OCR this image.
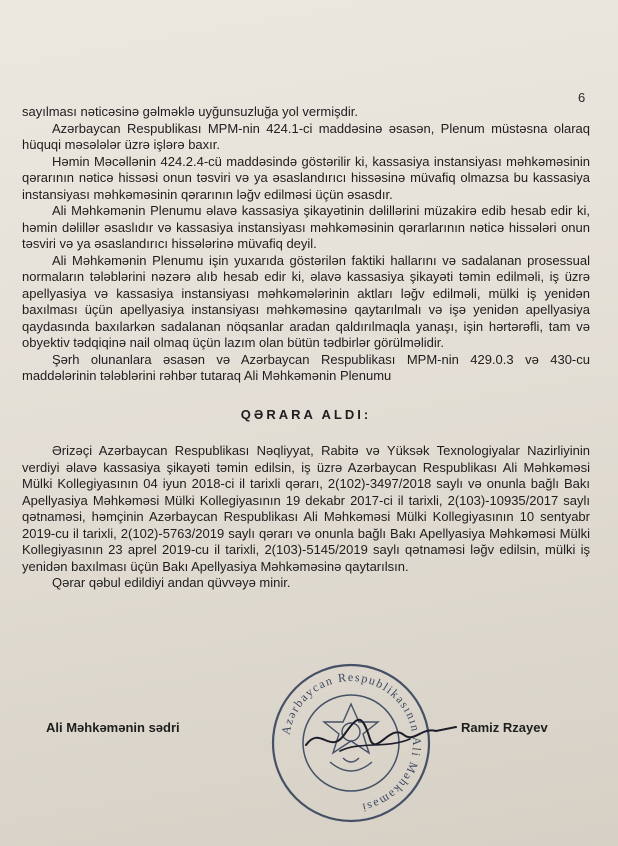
6

sayılması nəticəsinə gəlməklə uyğunsuzluğa yol vermişdir.

Azərbaycan Respublikası MPM-nin 424.1-ci maddəsinə əsasən, Plenum müstəsna olaraq hüquqi məsələlər üzrə işlərə baxır.

Həmin Məcəllənin 424.2.4-cü maddəsində göstərilir ki, kassasiya instansiyası məhkəməsinin qərarının nəticə hissəsi onun təsviri və ya əsaslandırıcı hissəsinə müvafiq olmazsa bu kassasiya instansiyası məhkəməsinin qərarının ləğv edilməsi üçün əsasdır.

Ali Məhkəmənin Plenumu əlavə kassasiya şikayətinin dəlillərini müzakirə edib hesab edir ki, həmin dəlillər əsaslıdır və kassasiya instansiyası məhkəməsinin qərarlarının nəticə hissələri onun təsviri və ya əsaslandırıcı hissələrinə müvafiq deyil.

Ali Məhkəmənin Plenumu işin yuxarıda göstərilən faktiki hallarını və sadalanan prosessual normaların tələblərini nəzərə alıb hesab edir ki, əlavə kassasiya şikayəti təmin edilməli, iş üzrə apellyasiya və kassasiya instansiyası məhkəmələrinin aktları ləğv edilməli, mülki iş yenidən baxılması üçün apellyasiya instansiyası məhkəməsinə qaytarılmalı və işə yenidən apellyasiya qaydasında baxılarkən sadalanan nöqsanlar aradan qaldırılmaqla yanaşı, işin hərtərəfli, tam və obyektiv tədqiqinə nail olmaq üçün lazım olan bütün tədbirlər görülməlidir.

Şərh olunanlara əsasən və Azərbaycan Respublikası MPM-nin 429.0.3 və 430-cu maddələrinin tələblərini rəhbər tutaraq Ali Məhkəmənin Plenumu

QƏRARA ALDI:

Ərizəçi Azərbaycan Respublikası Nəqliyyat, Rabitə və Yüksək Texnologiyalar Nazirliyinin verdiyi əlavə kassasiya şikayəti təmin edilsin, iş üzrə Azərbaycan Respublikası Ali Məhkəməsi Mülki Kollegiyasının 04 iyun 2018-ci il tarixli qərarı, 2(102)-3497/2018 saylı və onunla bağlı Bakı Apellyasiya Məhkəməsi Mülki Kollegiyasının 19 dekabr 2017-ci il tarixli, 2(103)-10935/2017 saylı qətnaməsi, həmçinin Azərbaycan Respublikası Ali Məhkəməsi Mülki Kollegiyasının 10 sentyabr 2019-cu il tarixli, 2(102)-5763/2019 saylı qərarı və onunla bağlı Bakı Apellyasiya Məhkəməsi Mülki Kollegiyasının 23 aprel 2019-cu il tarixli, 2(103)-5145/2019 saylı qətnaməsi ləğv edilsin, mülki iş yenidən baxılması üçün Bakı Apellyasiya Məhkəməsinə qaytarılsın.

Qərar qəbul edildiyi andan qüvvəyə minir.

Azərbaycan Respublikasının Ali Məhkəməsi
Ali Məhkəmənin sədri	Ramiz Rzayev
